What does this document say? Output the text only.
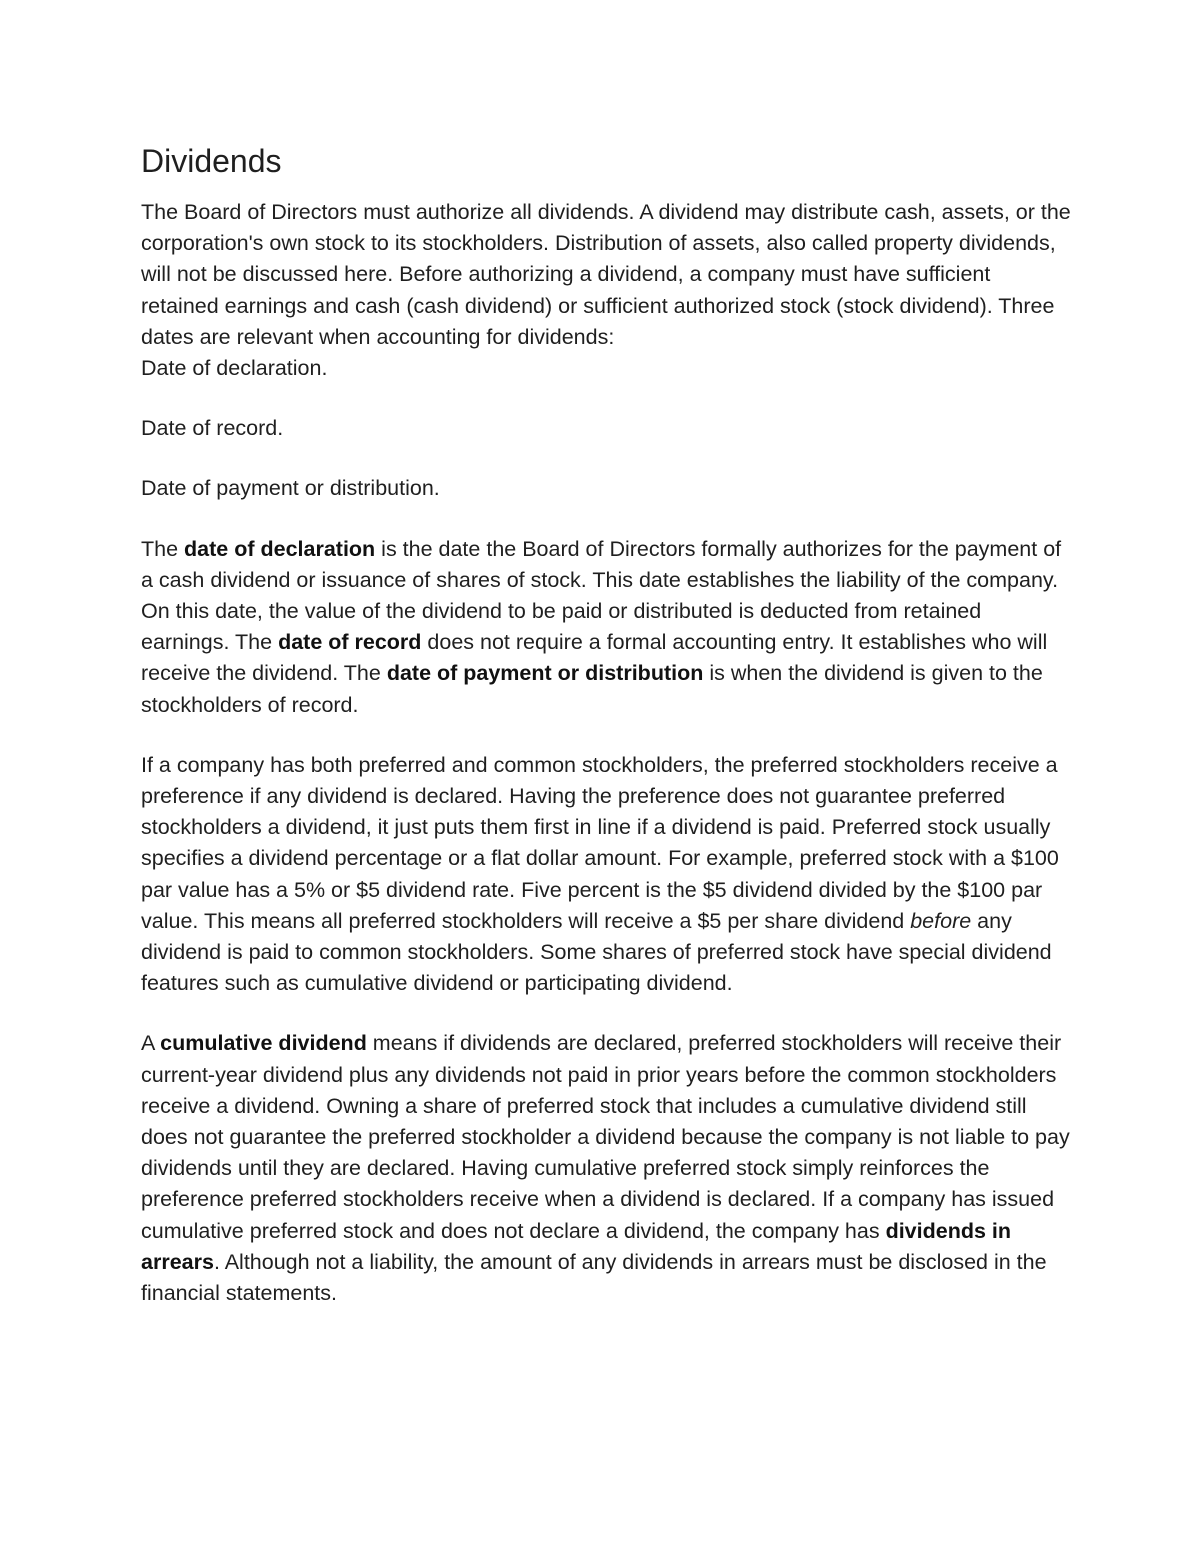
Dividends

The Board of Directors must authorize all dividends. A dividend may distribute cash, assets, or the corporation's own stock to its stockholders. Distribution of assets, also called property dividends, will not be discussed here. Before authorizing a dividend, a company must have sufficient retained earnings and cash (cash dividend) or sufficient authorized stock (stock dividend). Three dates are relevant when accounting for dividends:

Date of declaration.

Date of record.

Date of payment or distribution.

The date of declaration is the date the Board of Directors formally authorizes for the payment of a cash dividend or issuance of shares of stock. This date establishes the liability of the company. On this date, the value of the dividend to be paid or distributed is deducted from retained earnings. The date of record does not require a formal accounting entry. It establishes who will receive the dividend. The date of payment or distribution is when the dividend is given to the stockholders of record.

If a company has both preferred and common stockholders, the preferred stockholders receive a preference if any dividend is declared. Having the preference does not guarantee preferred stockholders a dividend, it just puts them first in line if a dividend is paid. Preferred stock usually specifies a dividend percentage or a flat dollar amount. For example, preferred stock with a $100 par value has a 5% or $5 dividend rate. Five percent is the $5 dividend divided by the $100 par value. This means all preferred stockholders will receive a $5 per share dividend before any dividend is paid to common stockholders. Some shares of preferred stock have special dividend features such as cumulative dividend or participating dividend.

A cumulative dividend means if dividends are declared, preferred stockholders will receive their current-year dividend plus any dividends not paid in prior years before the common stockholders receive a dividend. Owning a share of preferred stock that includes a cumulative dividend still does not guarantee the preferred stockholder a dividend because the company is not liable to pay dividends until they are declared. Having cumulative preferred stock simply reinforces the preference preferred stockholders receive when a dividend is declared. If a company has issued cumulative preferred stock and does not declare a dividend, the company has dividends in arrears. Although not a liability, the amount of any dividends in arrears must be disclosed in the financial statements.
